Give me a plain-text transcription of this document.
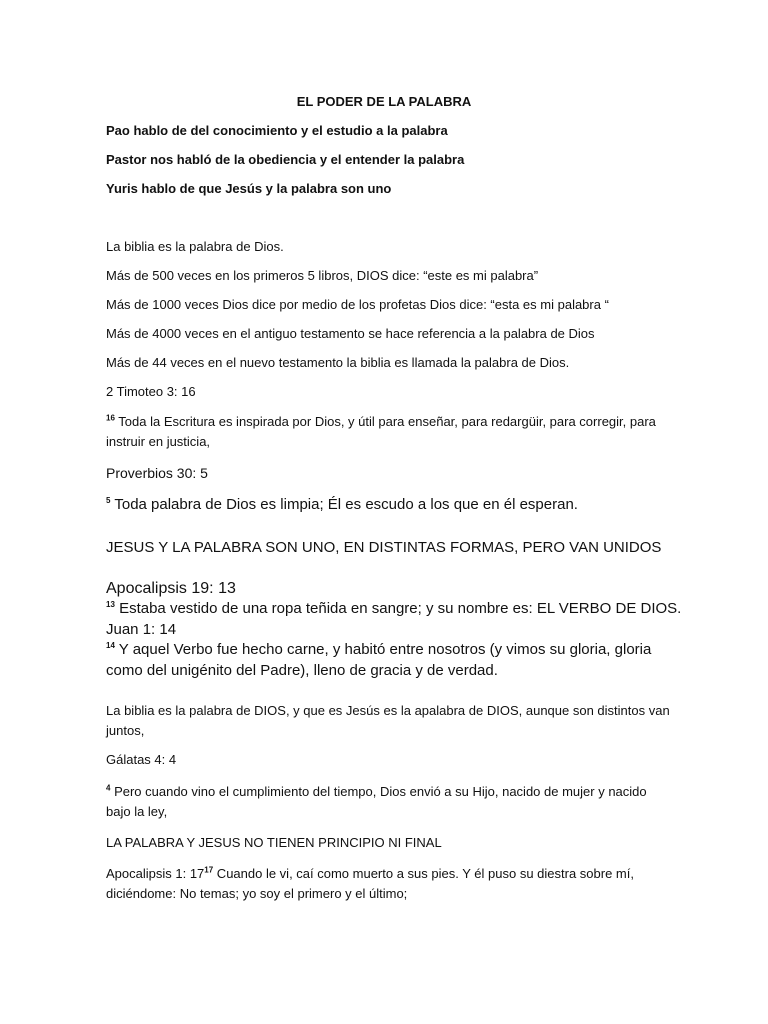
EL PODER DE LA PALABRA

Pao hablo de del conocimiento y el estudio a la palabra

Pastor nos habló de la obediencia y el entender la palabra

Yuris hablo de que Jesús y la palabra son uno

La biblia es la palabra de Dios.

Más de 500 veces en los primeros 5 libros, DIOS dice: “este es mi palabra”

Más de 1000 veces Dios dice por medio de los profetas Dios dice: “esta es mi palabra “

Más de 4000 veces en el antiguo testamento se hace referencia a la palabra de Dios

Más de 44 veces en el nuevo testamento la biblia es llamada la palabra de Dios.

2 Timoteo 3: 16

$^{16}$ Toda la Escritura es inspirada por Dios, y útil para enseñar, para redargüir, para corregir, para instruir en justicia,

Proverbios 30: 5

$^5$ Toda palabra de Dios es limpia; Él es escudo a los que en él esperan.

JESUS Y LA PALABRA SON UNO, EN DISTINTAS FORMAS, PERO VAN UNIDOS

Apocalipsis 19: 13

$^{13}$ Estaba vestido de una ropa teñida en sangre; y su nombre es: EL VERBO DE DIOS.

Juan 1: 14

$^{14}$ Y aquel Verbo fue hecho carne, y habitó entre nosotros (y vimos su gloria, gloria

como del unigénito del Padre), lleno de gracia y de verdad.

La biblia es la palabra de DIOS, y que es Jesús es la apalabra de DIOS, aunque son distintos van juntos,

Gálatas 4: 4

$^4$ Pero cuando vino el cumplimiento del tiempo, Dios envió a su Hijo, nacido de mujer y nacido bajo la ley,

LA PALABRA Y JESUS NO TIENEN PRINCIPIO NI FINAL

Apocalipsis 1: $17^{17}$ Cuando le vi, caí como muerto a sus pies. Y él puso su diestra sobre mí, diciéndome: No temas; yo soy el primero y el último;
